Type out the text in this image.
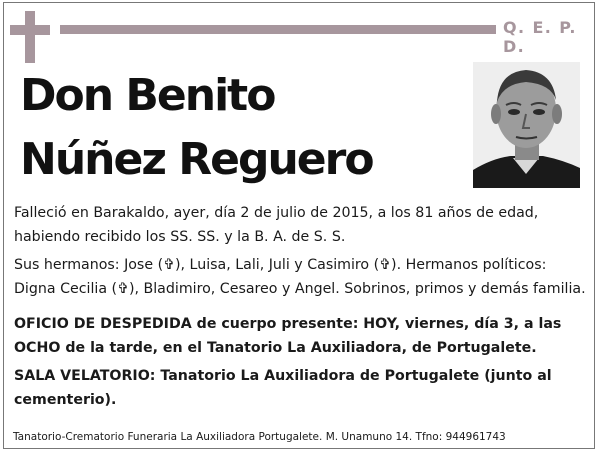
Q. E. P. D.
Don Benito
Núñez Reguero
Falleció en Barakaldo, ayer, día 2 de julio de 2015, a los 81 años de edad,
habiendo recibido los SS. SS. y la B. A. de S. S.
Sus hermanos: Jose (✞), Luisa, Lali, Juli y Casimiro (✞). Hermanos políticos:
Digna Cecilia (✞), Bladimiro, Cesareo y Angel. Sobrinos, primos y demás familia.
OFICIO DE DESPEDIDA de cuerpo presente: HOY, viernes, día 3, a las
OCHO de la tarde, en el Tanatorio La Auxiliadora, de Portugalete.
SALA VELATORIO: Tanatorio La Auxiliadora de Portugalete (junto al
cementerio).
Tanatorio-Crematorio Funeraria La Auxiliadora Portugalete. M. Unamuno 14. Tfno: 944961743
